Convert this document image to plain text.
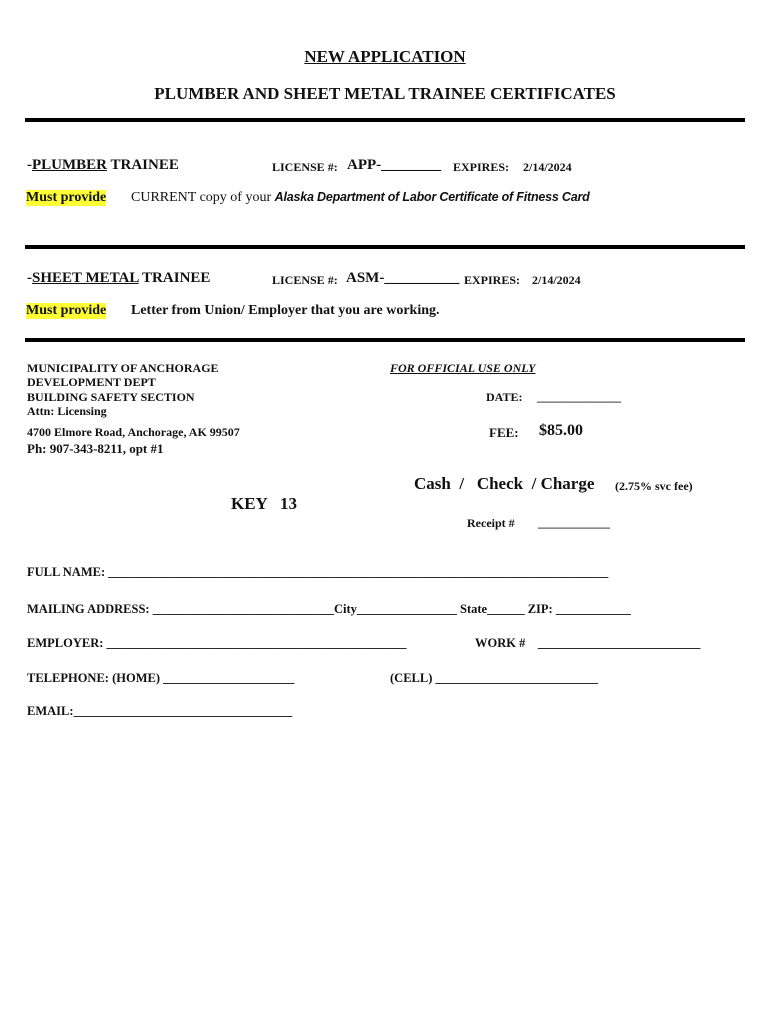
NEW APPLICATION
PLUMBER AND SHEET METAL TRAINEE CERTIFICATES
-PLUMBER TRAINEE	LICENSE #: APP-________ EXPIRES: 2/14/2024
Must provide CURRENT copy of your Alaska Department of Labor Certificate of Fitness Card
-SHEET METAL TRAINEE	LICENSE #: ASM-__________ EXPIRES: 2/14/2024
Must provide Letter from Union/ Employer that you are working.
MUNICIPALITY OF ANCHORAGE
DEVELOPMENT DEPT
BUILDING SAFETY SECTION
Attn: Licensing
4700 Elmore Road, Anchorage, AK 99507
Ph: 907-343-8211, opt #1
FOR OFFICIAL USE ONLY
DATE: ______________
FEE: $85.00
Cash  /   Check  / Charge (2.75% svc fee)
KEY   13
Receipt # ____________
FULL NAME: ________________________________________________________________________________
MAILING ADDRESS: _____________________________City________________ State______ ZIP: ____________
EMPLOYER: ________________________________________________	WORK #    __________________________
TELEPHONE: (HOME) _____________________	(CELL) __________________________
EMAIL:___________________________________
